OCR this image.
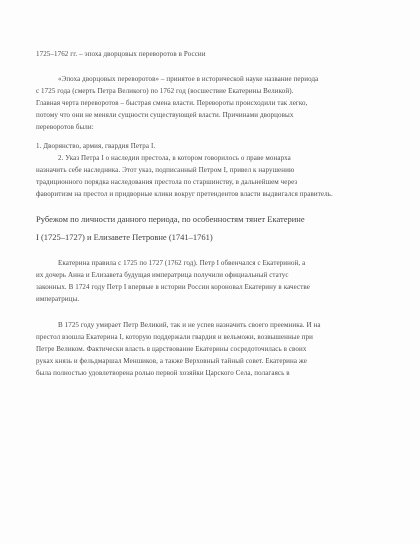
1725–1762 гг. – эпоха дворцовых переворотов в России
«Эпоха дворцовых переворотов» – принятое в исторической науке название периода
с 1725 года (смерть Петра Великого) по 1762 год (восшествие Екатерины Великой).
Главная черта переворотов – быстрая смена власти. Перевороты происходили так легко,
потому что они не меняли сущности существующей власти. Причинами дворцовых
переворотов были:
1. Дворянство, армия, гвардия Петра I.
2. Указ Петра I о наследии престола, в котором говорилось о праве монарха
назначить себе наследника. Этот указ, подписанный Петром I, привел к нарушению
традиционного порядка наследования престола по старшинству, в дальнейшем через
фаворитизм на престол и придворные клики вокруг претендентов власти выдвигался правитель.
Рубежом по личности данного периода, по особенностям тянет Екатерине
I (1725–1727) и Елизавете Петровне (1741–1761)
Екатерина правила с 1725 по 1727 (1762 год). Петр I обвенчался с Екатериной, а
их дочерь Анна и Елизавета будущая императрица получили официальный статус
законных. В 1724 году Петр I впервые в истории России короновал Екатерину в качестве
императрицы.
В 1725 году умирает Петр Великий, так и не успев назначить своего преемника. И на
престол взошла Екатерина I, которую поддержали гвардия и вельможи, возвышенные при
Петре Великом. Фактически власть в царствование Екатерины сосредоточилась в своих
руках князь и фельдмаршал Меншиков, а также Верховный тайный совет. Екатерина же
была полностью удовлетворена ролью первой хозяйки Царского Села, полагаясь в
